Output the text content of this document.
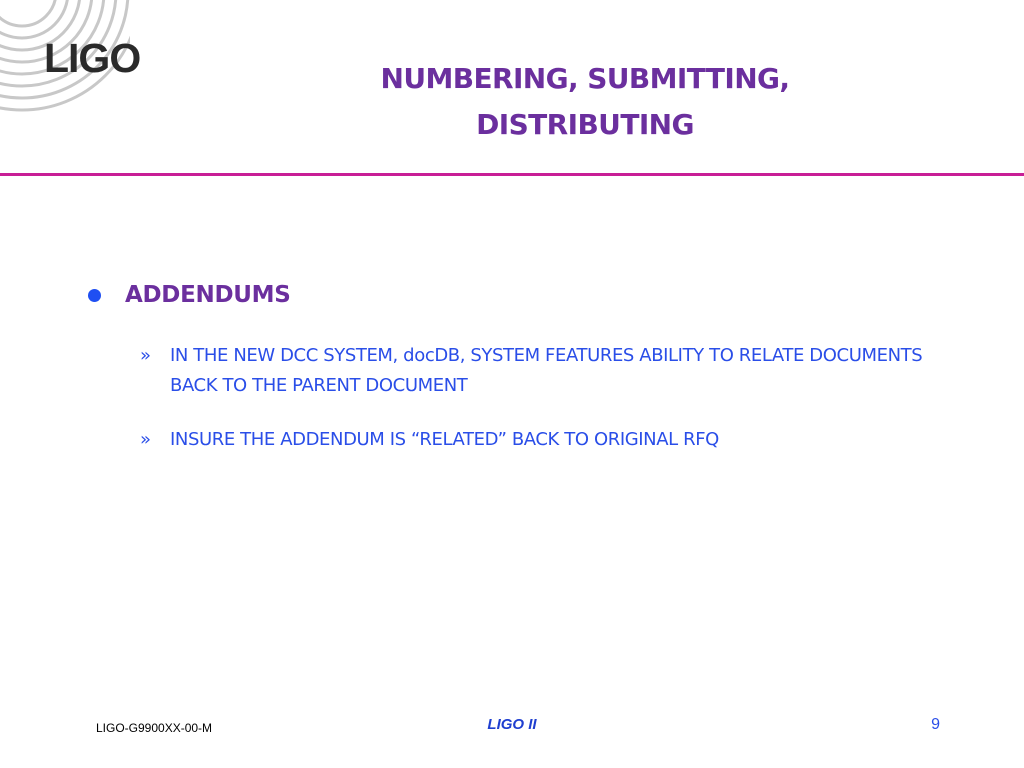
LIGO	NUMBERING, SUBMITTING,
DISTRIBUTING
ADDENDUMS
»	IN THE NEW DCC SYSTEM, docDB, SYSTEM FEATURES ABILITY TO RELATE DOCUMENTS BACK TO THE PARENT DOCUMENT
»	INSURE THE ADDENDUM IS “RELATED” BACK TO ORIGINAL RFQ
LIGO-G9900XX-00-M	LIGO II	9
